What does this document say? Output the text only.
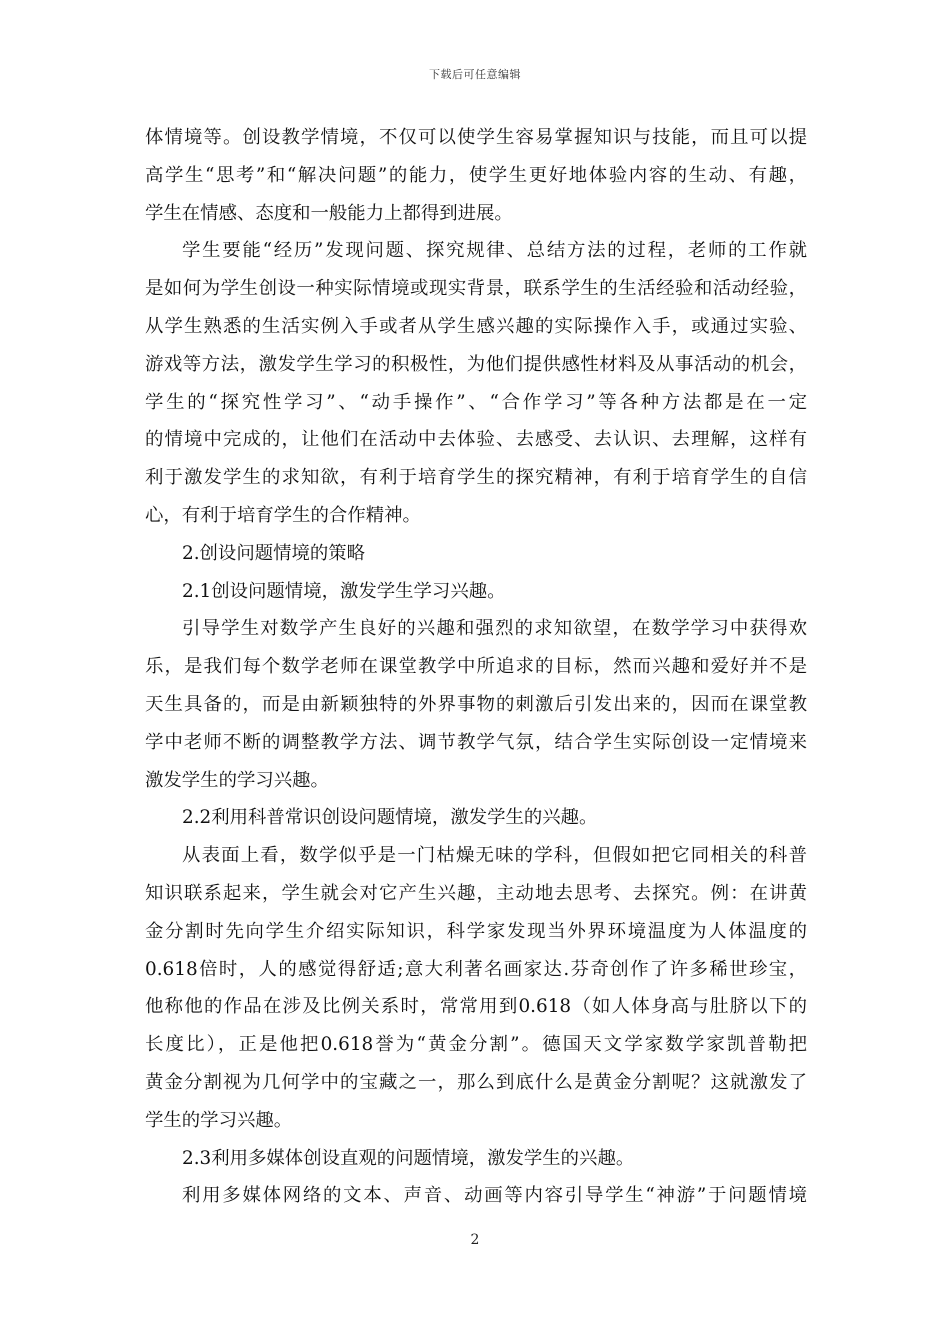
下载后可任意编辑
体情境等。创设教学情境，不仅可以使学生容易掌握知识与技能，而且可以提
高学生“思考”和“解决问题”的能力，使学生更好地体验内容的生动、有趣，
学生在情感、态度和一般能力上都得到进展。
学生要能“经历”发现问题、探究规律、总结方法的过程，老师的工作就
是如何为学生创设一种实际情境或现实背景，联系学生的生活经验和活动经验，
从学生熟悉的生活实例入手或者从学生感兴趣的实际操作入手，或通过实验、
游戏等方法，激发学生学习的积极性，为他们提供感性材料及从事活动的机会，
学生的“探究性学习”、“动手操作”、“合作学习”等各种方法都是在一定
的情境中完成的，让他们在活动中去体验、去感受、去认识、去理解，这样有
利于激发学生的求知欲，有利于培育学生的探究精神，有利于培育学生的自信
心，有利于培育学生的合作精神。
2.创设问题情境的策略
2.1创设问题情境，激发学生学习兴趣。
引导学生对数学产生良好的兴趣和强烈的求知欲望，在数学学习中获得欢
乐，是我们每个数学老师在课堂教学中所追求的目标，然而兴趣和爱好并不是
天生具备的，而是由新颖独特的外界事物的刺激后引发出来的，因而在课堂教
学中老师不断的调整教学方法、调节教学气氛，结合学生实际创设一定情境来
激发学生的学习兴趣。
2.2利用科普常识创设问题情境，激发学生的兴趣。
从表面上看，数学似乎是一门枯燥无味的学科，但假如把它同相关的科普
知识联系起来，学生就会对它产生兴趣，主动地去思考、去探究。例：在讲黄
金分割时先向学生介绍实际知识，科学家发现当外界环境温度为人体温度的
0.618倍时，人的感觉得舒适;意大利著名画家达.芬奇创作了许多稀世珍宝，
他称他的作品在涉及比例关系时，常常用到0.618（如人体身高与肚脐以下的
长度比），正是他把0.618誉为“黄金分割”。德国天文学家数学家凯普勒把
黄金分割视为几何学中的宝藏之一，那么到底什么是黄金分割呢？这就激发了
学生的学习兴趣。
2.3利用多媒体创设直观的问题情境，激发学生的兴趣。
利用多媒体网络的文本、声音、动画等内容引导学生“神游”于问题情境
2
